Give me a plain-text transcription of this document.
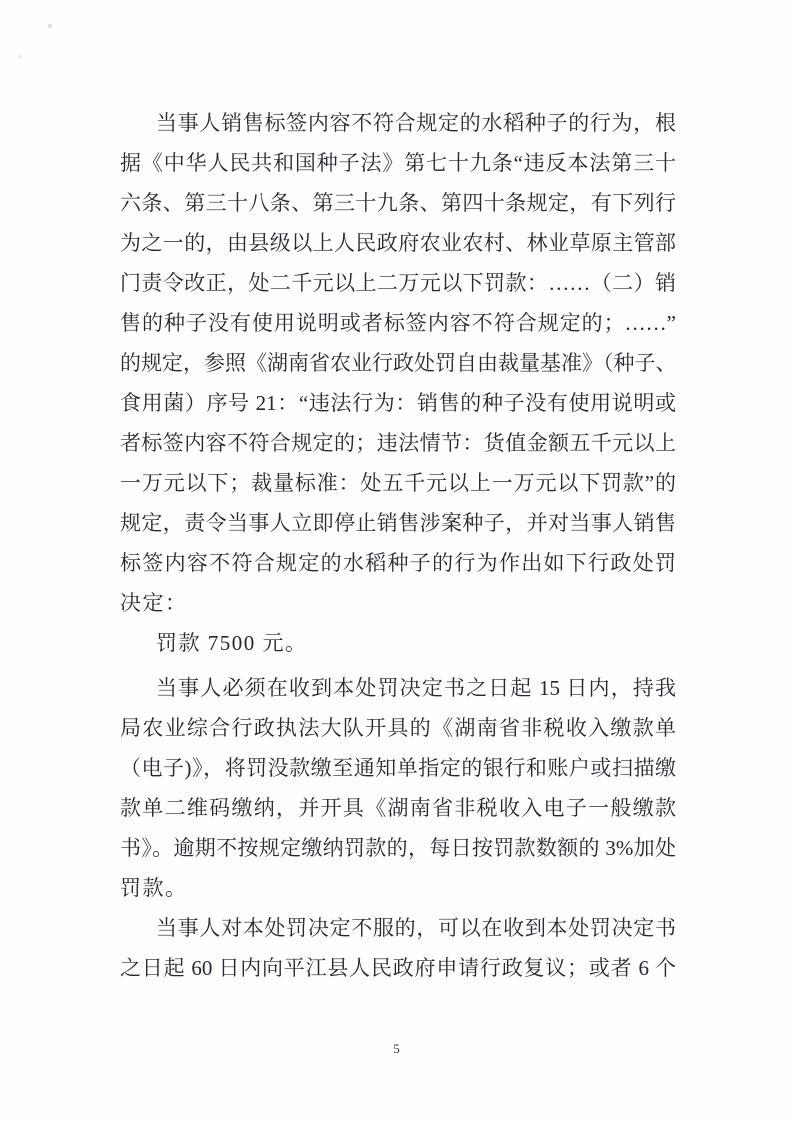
当事人销售标签内容不符合规定的水稻种子的行为，根
据《中华人民共和国种子法》第七十九条“违反本法第三十
六条、第三十八条、第三十九条、第四十条规定，有下列行
为之一的，由县级以上人民政府农业农村、林业草原主管部
门责令改正，处二千元以上二万元以下罚款：……（二）销
售的种子没有使用说明或者标签内容不符合规定的；……”
的规定，参照《湖南省农业行政处罚自由裁量基准》（种子、
食用菌）序号 21：“违法行为：销售的种子没有使用说明或
者标签内容不符合规定的；违法情节：货值金额五千元以上
一万元以下；裁量标准：处五千元以上一万元以下罚款”的
规定，责令当事人立即停止销售涉案种子，并对当事人销售
标签内容不符合规定的水稻种子的行为作出如下行政处罚
决定：
罚款 7500 元。
当事人必须在收到本处罚决定书之日起 15 日内，持我
局农业综合行政执法大队开具的《湖南省非税收入缴款单
（电子)》，将罚没款缴至通知单指定的银行和账户或扫描缴
款单二维码缴纳，并开具《湖南省非税收入电子一般缴款
书》。逾期不按规定缴纳罚款的，每日按罚款数额的 3%加处
罚款。
当事人对本处罚决定不服的，可以在收到本处罚决定书
之日起 60 日内向平江县人民政府申请行政复议；或者 6 个
5
